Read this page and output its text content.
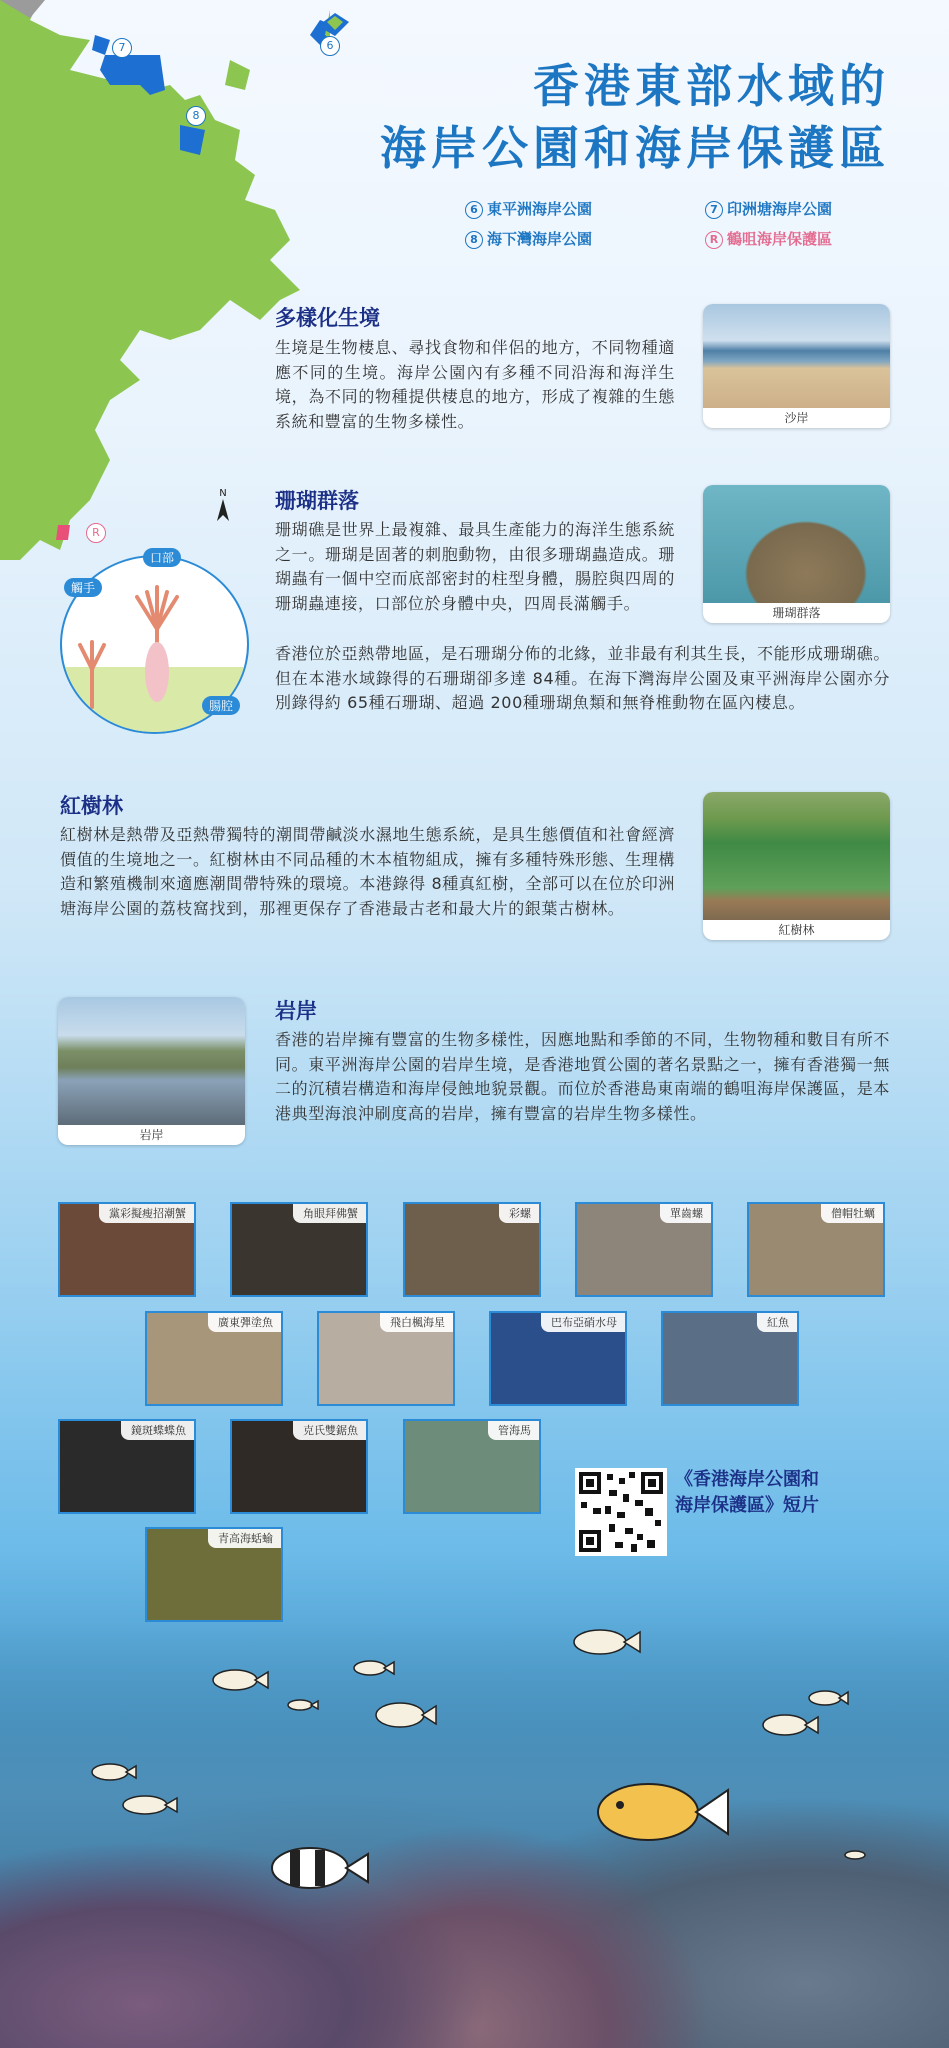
7	6
8
R
N
香港東部水域的
海岸公園和海岸保護區
6 東平洲海岸公園	7 印洲塘海岸公園
8 海下灣海岸公園	R 鶴咀海岸保護區
多樣化生境
生境是生物棲息、尋找食物和伴侶的地方，不同物種適應不同的生境。海岸公園內有多種不同沿海和海洋生境，為不同的物種提供棲息的地方，形成了複雜的生態系統和豐富的生物多樣性。	沙岸
珊瑚群落
珊瑚礁是世界上最複雜、最具生產能力的海洋生態系統之一。珊瑚是固著的刺胞動物，由很多珊瑚蟲造成。珊瑚蟲有一個中空而底部密封的柱型身體，腸腔與四周的珊瑚蟲連接，口部位於身體中央，四周長滿觸手。
香港位於亞熱帶地區，是石珊瑚分佈的北緣，並非最有利其生長，不能形成珊瑚礁。但在本港水域錄得的石珊瑚卻多達 84種。在海下灣海岸公園及東平洲海岸公園亦分別錄得約 65種石珊瑚、超過 200種珊瑚魚類和無脊椎動物在區內棲息。
珊瑚群落
口部
觸手
腸腔
紅樹林
紅樹林是熱帶及亞熱帶獨特的潮間帶鹹淡水濕地生態系統，是具生態價值和社會經濟價值的生境地之一。紅樹林由不同品種的木本植物組成，擁有多種特殊形態、生理構造和繁殖機制來適應潮間帶特殊的環境。本港錄得 8種真紅樹，全部可以在位於印洲塘海岸公園的荔枝窩找到，那裡更保存了香港最古老和最大片的銀葉古樹林。
紅樹林
岩岸
香港的岩岸擁有豐富的生物多樣性，因應地點和季節的不同，生物物種和數目有所不同。東平洲海岸公園的岩岸生境，是香港地質公園的著名景點之一，擁有香港獨一無二的沉積岩構造和海岸侵蝕地貌景觀。而位於香港島東南端的鶴咀海岸保護區，是本港典型海浪沖刷度高的岩岸，擁有豐富的岩岸生物多樣性。
岩岸
黨彩擬瘦招潮蟹	角眼拜佛蟹	彩螺	單齒螺	僧帽牡蠣
廣東彈塗魚	飛白楓海星	巴布亞硝水母	紅魚
鏡斑蝶蝶魚	克氏雙鋸魚	管海馬
青高海蛞蝓
《香港海岸公園和
海岸保護區》短片
